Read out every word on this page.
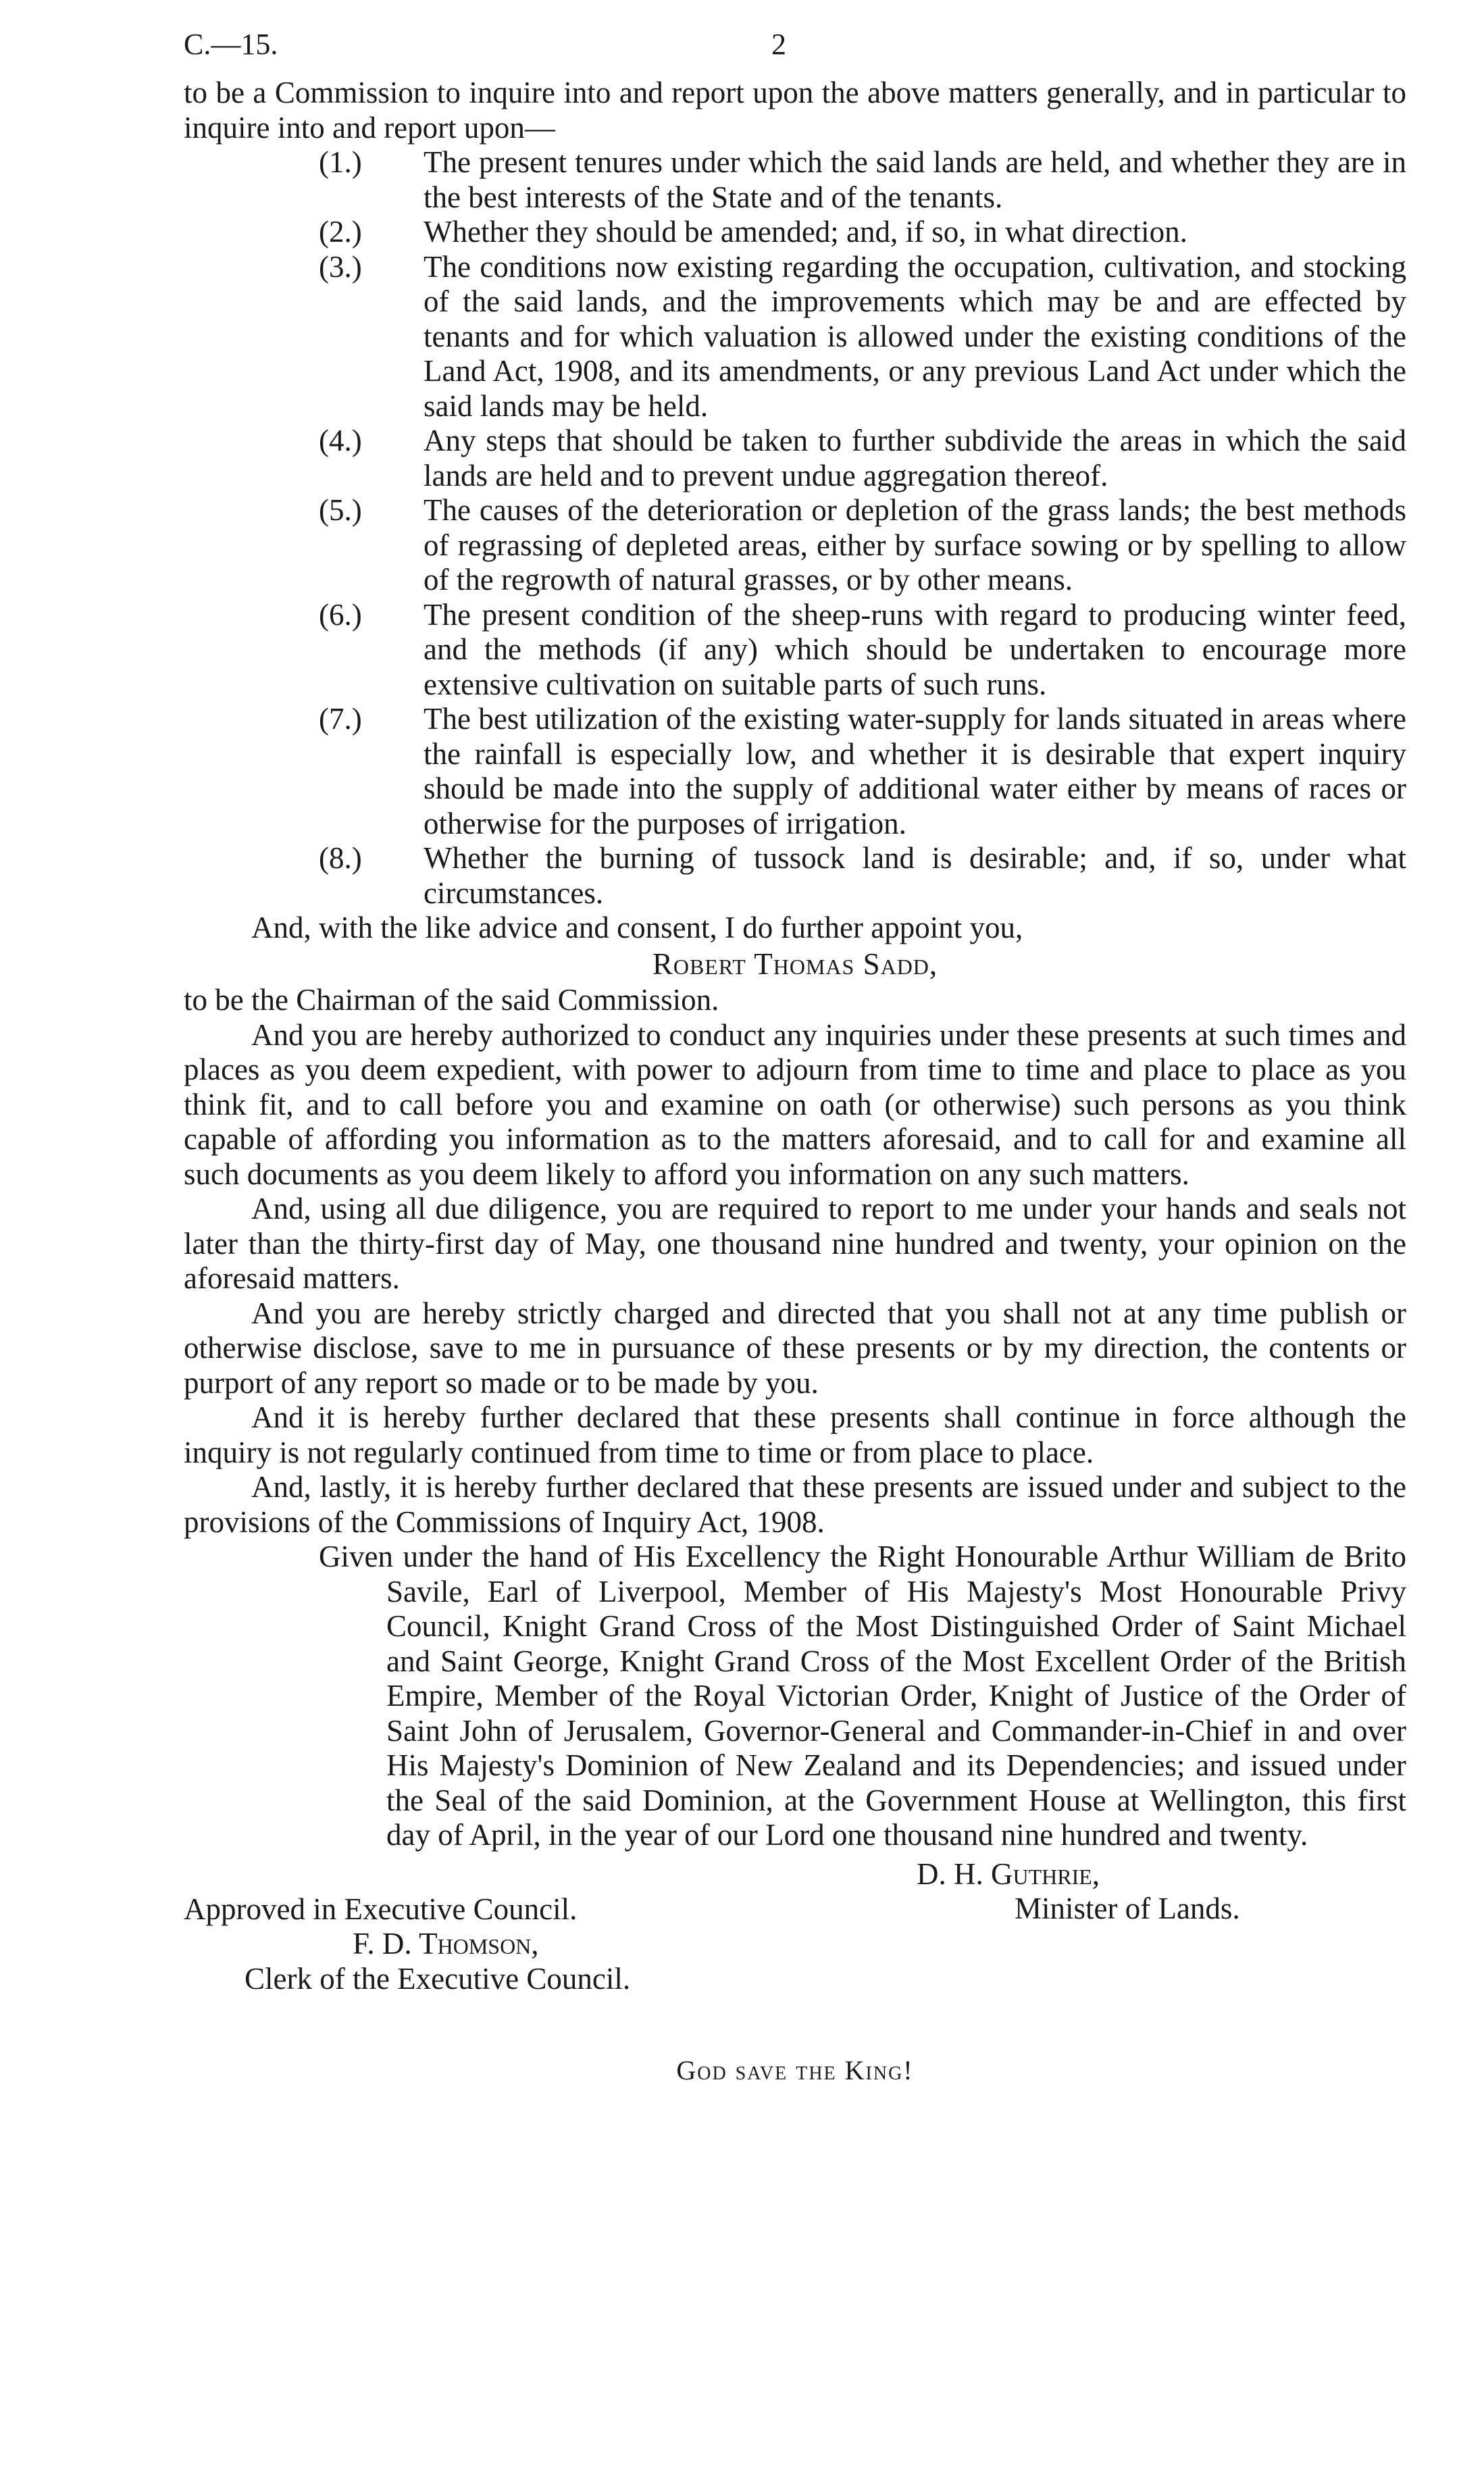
C.—15.	2

to be a Commission to inquire into and report upon the above matters generally, and in particular to inquire into and report upon—

(1.)	The present tenures under which the said lands are held, and whether they are in the best interests of the State and of the tenants.
(2.)	Whether they should be amended; and, if so, in what direction.
(3.)	The conditions now existing regarding the occupation, cultivation, and stocking of the said lands, and the improvements which may be and are effected by tenants and for which valuation is allowed under the existing conditions of the Land Act, 1908, and its amendments, or any previous Land Act under which the said lands may be held.
(4.)	Any steps that should be taken to further subdivide the areas in which the said lands are held and to prevent undue aggregation thereof.
(5.)	The causes of the deterioration or depletion of the grass lands; the best methods of regrassing of depleted areas, either by surface sowing or by spelling to allow of the regrowth of natural grasses, or by other means.
(6.)	The present condition of the sheep-runs with regard to producing winter feed, and the methods (if any) which should be undertaken to encourage more extensive cultivation on suitable parts of such runs.
(7.)	The best utilization of the existing water-supply for lands situated in areas where the rainfall is especially low, and whether it is desirable that expert inquiry should be made into the supply of additional water either by means of races or otherwise for the purposes of irrigation.
(8.)	Whether the burning of tussock land is desirable; and, if so, under what circumstances.

And, with the like advice and consent, I do further appoint you,

Robert Thomas Sadd,

to be the Chairman of the said Commission.

And you are hereby authorized to conduct any inquiries under these presents at such times and places as you deem expedient, with power to adjourn from time to time and place to place as you think fit, and to call before you and examine on oath (or otherwise) such persons as you think capable of affording you information as to the matters aforesaid, and to call for and examine all such documents as you deem likely to afford you information on any such matters.

And, using all due diligence, you are required to report to me under your hands and seals not later than the thirty-first day of May, one thousand nine hundred and twenty, your opinion on the aforesaid matters.

And you are hereby strictly charged and directed that you shall not at any time publish or otherwise disclose, save to me in pursuance of these presents or by my direction, the contents or purport of any report so made or to be made by you.

And it is hereby further declared that these presents shall continue in force although the inquiry is not regularly continued from time to time or from place to place.

And, lastly, it is hereby further declared that these presents are issued under and subject to the provisions of the Commissions of Inquiry Act, 1908.

Given under the hand of His Excellency the Right Honourable Arthur William de Brito Savile, Earl of Liverpool, Member of His Majesty's Most Honourable Privy Council, Knight Grand Cross of the Most Distinguished Order of Saint Michael and Saint George, Knight Grand Cross of the Most Excellent Order of the British Empire, Member of the Royal Victorian Order, Knight of Justice of the Order of Saint John of Jerusalem, Governor-General and Commander-in-Chief in and over His Majesty's Dominion of New Zealand and its Dependencies; and issued under the Seal of the said Dominion, at the Government House at Wellington, this first day of April, in the year of our Lord one thousand nine hundred and twenty.

D. H. Guthrie,
Minister of Lands.
Approved in Executive Council.
F. D. Thomson,
Clerk of the Executive Council.

God save the King!
